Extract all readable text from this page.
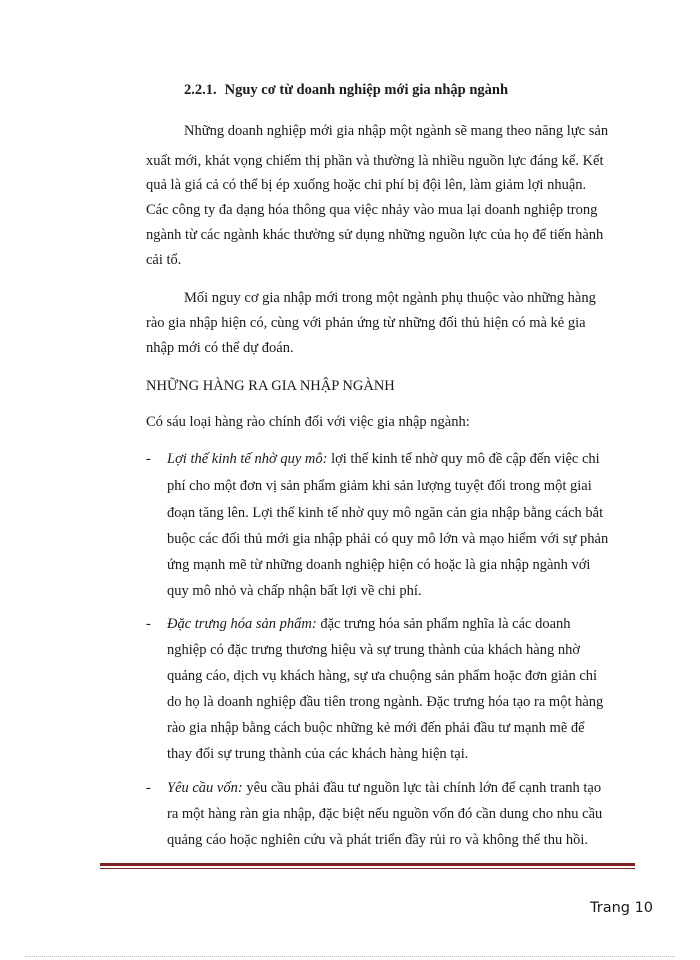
2.2.1. Nguy cơ từ doanh nghiệp mới gia nhập ngành
Những doanh nghiệp mới gia nhập một ngành sẽ mang theo năng lực sản
xuất mới, khát vọng chiếm thị phần và thường là nhiều nguồn lực đáng kể. Kết
quả là giá cả có thể bị ép xuống hoặc chi phí bị đội lên, làm giảm lợi nhuận.
Các công ty đa dạng hóa thông qua việc nhảy vào mua lại doanh nghiệp trong
ngành từ các ngành khác thường sử dụng những nguồn lực của họ để tiến hành
cải tổ.
Mối nguy cơ gia nhập mới trong một ngành phụ thuộc vào những hàng
rào gia nhập hiện có, cùng với phản ứng từ những đối thủ hiện có mà kẻ gia
nhập mới có thể dự đoán.
NHỮNG HÀNG RA GIA NHẬP NGÀNH
Có sáu loại hàng rào chính đối với việc gia nhập ngành:
- Lợi thế kinh tế nhờ quy mô: lợi thế kinh tế nhờ quy mô đề cập đến việc chi
phí cho một đơn vị sản phẩm giảm khi sản lượng tuyệt đối trong một giai
đoạn tăng lên. Lợi thế kinh tế nhờ quy mô ngăn cản gia nhập bằng cách bắt
buộc các đối thủ mới gia nhập phải có quy mô lớn và mạo hiểm với sự phản
ứng mạnh mẽ từ những doanh nghiệp hiện có hoặc là gia nhập ngành với
quy mô nhỏ và chấp nhận bất lợi về chi phí.
- Đặc trưng hóa sản phẩm: đặc trưng hóa sản phẩm nghĩa là các doanh
nghiệp có đặc trưng thương hiệu và sự trung thành của khách hàng nhờ
quảng cáo, dịch vụ khách hàng, sự ưa chuộng sản phẩm hoặc đơn giản chỉ
do họ là doanh nghiệp đầu tiên trong ngành. Đặc trưng hóa tạo ra một hàng
rào gia nhập bằng cách buộc những kẻ mới đến phải đầu tư mạnh mẽ để
thay đổi sự trung thành của các khách hàng hiện tại.
- Yêu cầu vốn: yêu cầu phải đầu tư nguồn lực tài chính lớn để cạnh tranh tạo
ra một hàng ràn gia nhập, đặc biệt nếu nguồn vốn đó cần dung cho nhu cầu
quảng cáo hoặc nghiên cứu và phát triển đầy rủi ro và không thể thu hồi.
Trang 10
